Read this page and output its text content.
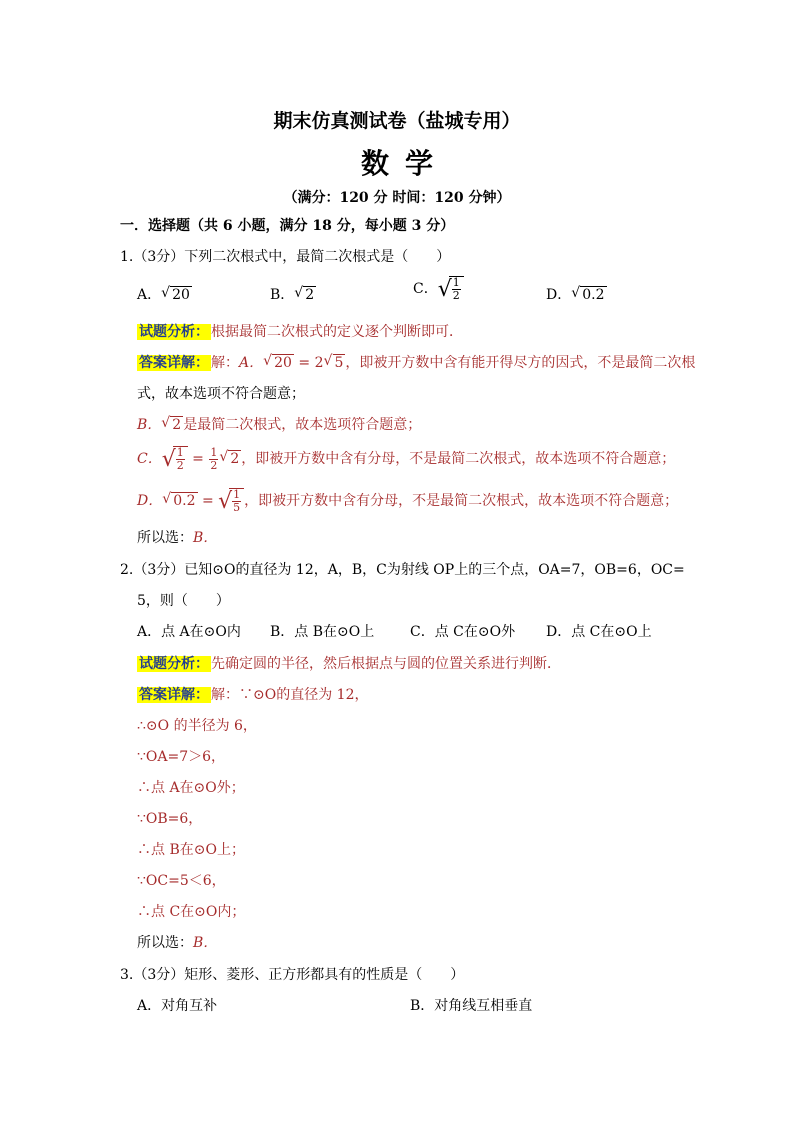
期末仿真测试卷（盐城专用）
数学
（满分：120 分 时间：120 分钟）
一．选择题（共 6 小题，满分 18 分，每小题 3 分）
1.（3分）下列二次根式中，最简二次根式是（　　）
A． √ 20	B． √ 2	C． √ $\frac{1}{2}$	D． √ 0.2
试题分析： 根据最简二次根式的定义逐个判断即可．
答案详解： 解：A． √ 20 = 2 √ 5 ，即被开方数中含有能开得尽方的因式，不是最简二次根
式，故本选项不符合题意；
B． √ 2 是最简二次根式，故本选项符合题意；
C． √ $\frac{1}{2} = \frac{1}{2}$ √ 2 ，即被开方数中含有分母，不是最简二次根式，故本选项不符合题意；
D． √ 0.2 = √ $\frac{1}{5}$ ，即被开方数中含有分母，不是最简二次根式，故本选项不符合题意；
所以选：B．
2.（3分）已知⊙O的直径为 12，A，B，C为射线 OP上的三个点，OA=7，OB=6，OC=
5，则（　　）
A．点 A在⊙O内 B．点 B在⊙O上	C．点 C在⊙O外 D．点 C在⊙O上
试题分析： 先确定圆的半径，然后根据点与圆的位置关系进行判断．
答案详解： 解：∵⊙O的直径为 12，
∴⊙O 的半径为 6，
∵OA=7＞6，
∴点 A在⊙O外；
∵OB=6，
∴点 B在⊙O上；
∵OC=5＜6，
∴点 C在⊙O内；
所以选：B．
3.（3分）矩形、菱形、正方形都具有的性质是（　　）
A．对角互补	B．对角线互相垂直
